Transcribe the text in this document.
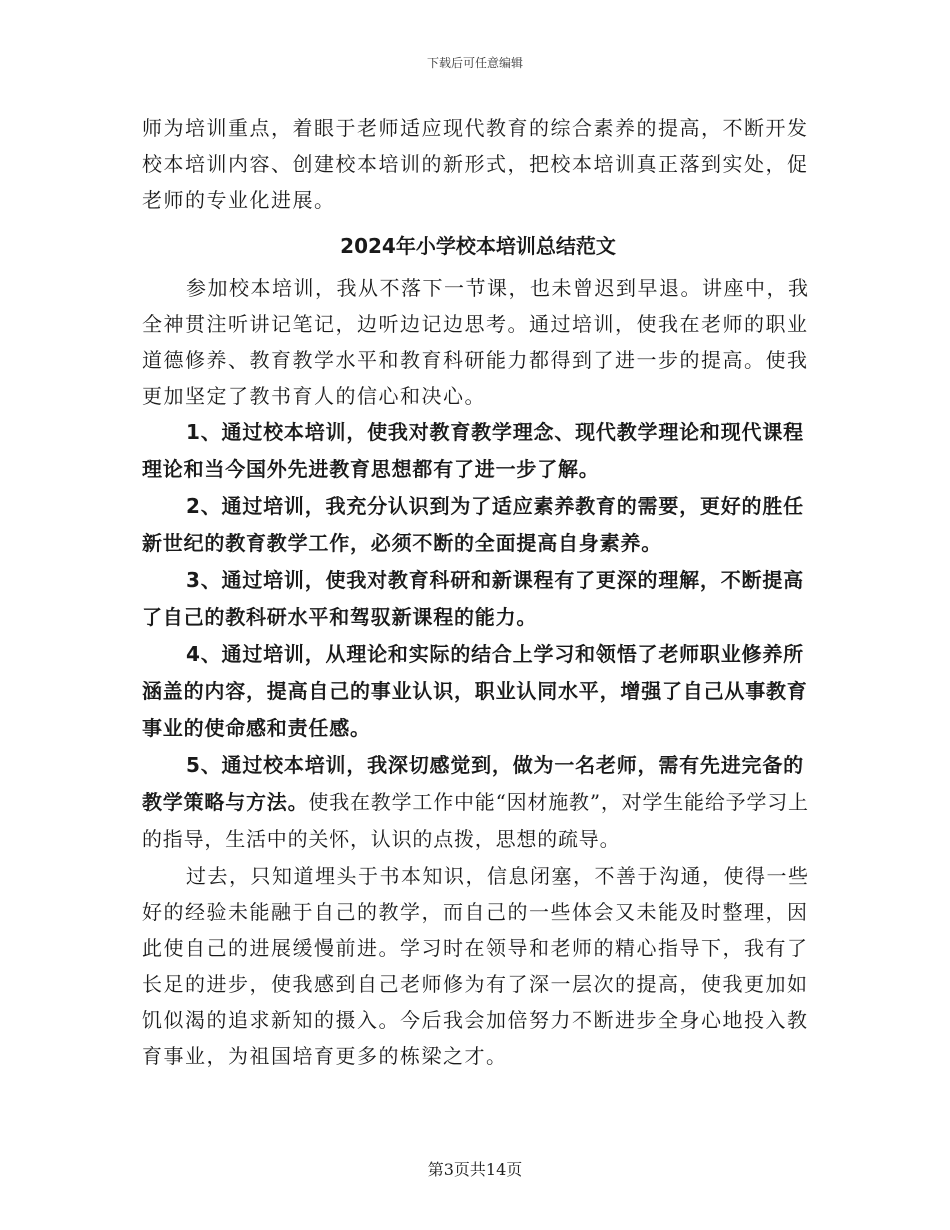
下载后可任意编辑

师为培训重点，着眼于老师适应现代教育的综合素养的提高，不断开发校本培训内容、创建校本培训的新形式，把校本培训真正落到实处，促老师的专业化进展。

2024年小学校本培训总结范文

参加校本培训，我从不落下一节课，也未曾迟到早退。讲座中，我全神贯注听讲记笔记，边听边记边思考。通过培训，使我在老师的职业道德修养、教育教学水平和教育科研能力都得到了进一步的提高。使我更加坚定了教书育人的信心和决心。

1、通过校本培训，使我对教育教学理念、现代教学理论和现代课程理论和当今国外先进教育思想都有了进一步了解。

2、通过培训，我充分认识到为了适应素养教育的需要，更好的胜任新世纪的教育教学工作，必须不断的全面提高自身素养。

3、通过培训，使我对教育科研和新课程有了更深的理解，不断提高了自己的教科研水平和驾驭新课程的能力。

4、通过培训，从理论和实际的结合上学习和领悟了老师职业修养所涵盖的内容，提高自己的事业认识，职业认同水平，增强了自己从事教育事业的使命感和责任感。

5、通过校本培训，我深切感觉到，做为一名老师，需有先进完备的教学策略与方法。使我在教学工作中能“因材施教”，对学生能给予学习上的指导，生活中的关怀，认识的点拨，思想的疏导。

过去，只知道埋头于书本知识，信息闭塞，不善于沟通，使得一些好的经验未能融于自己的教学，而自己的一些体会又未能及时整理，因此使自己的进展缓慢前进。学习时在领导和老师的精心指导下，我有了长足的进步，使我感到自己老师修为有了深一层次的提高，使我更加如饥似渴的追求新知的摄入。今后我会加倍努力不断进步全身心地投入教育事业，为祖国培育更多的栋梁之才。

第3页共14页
